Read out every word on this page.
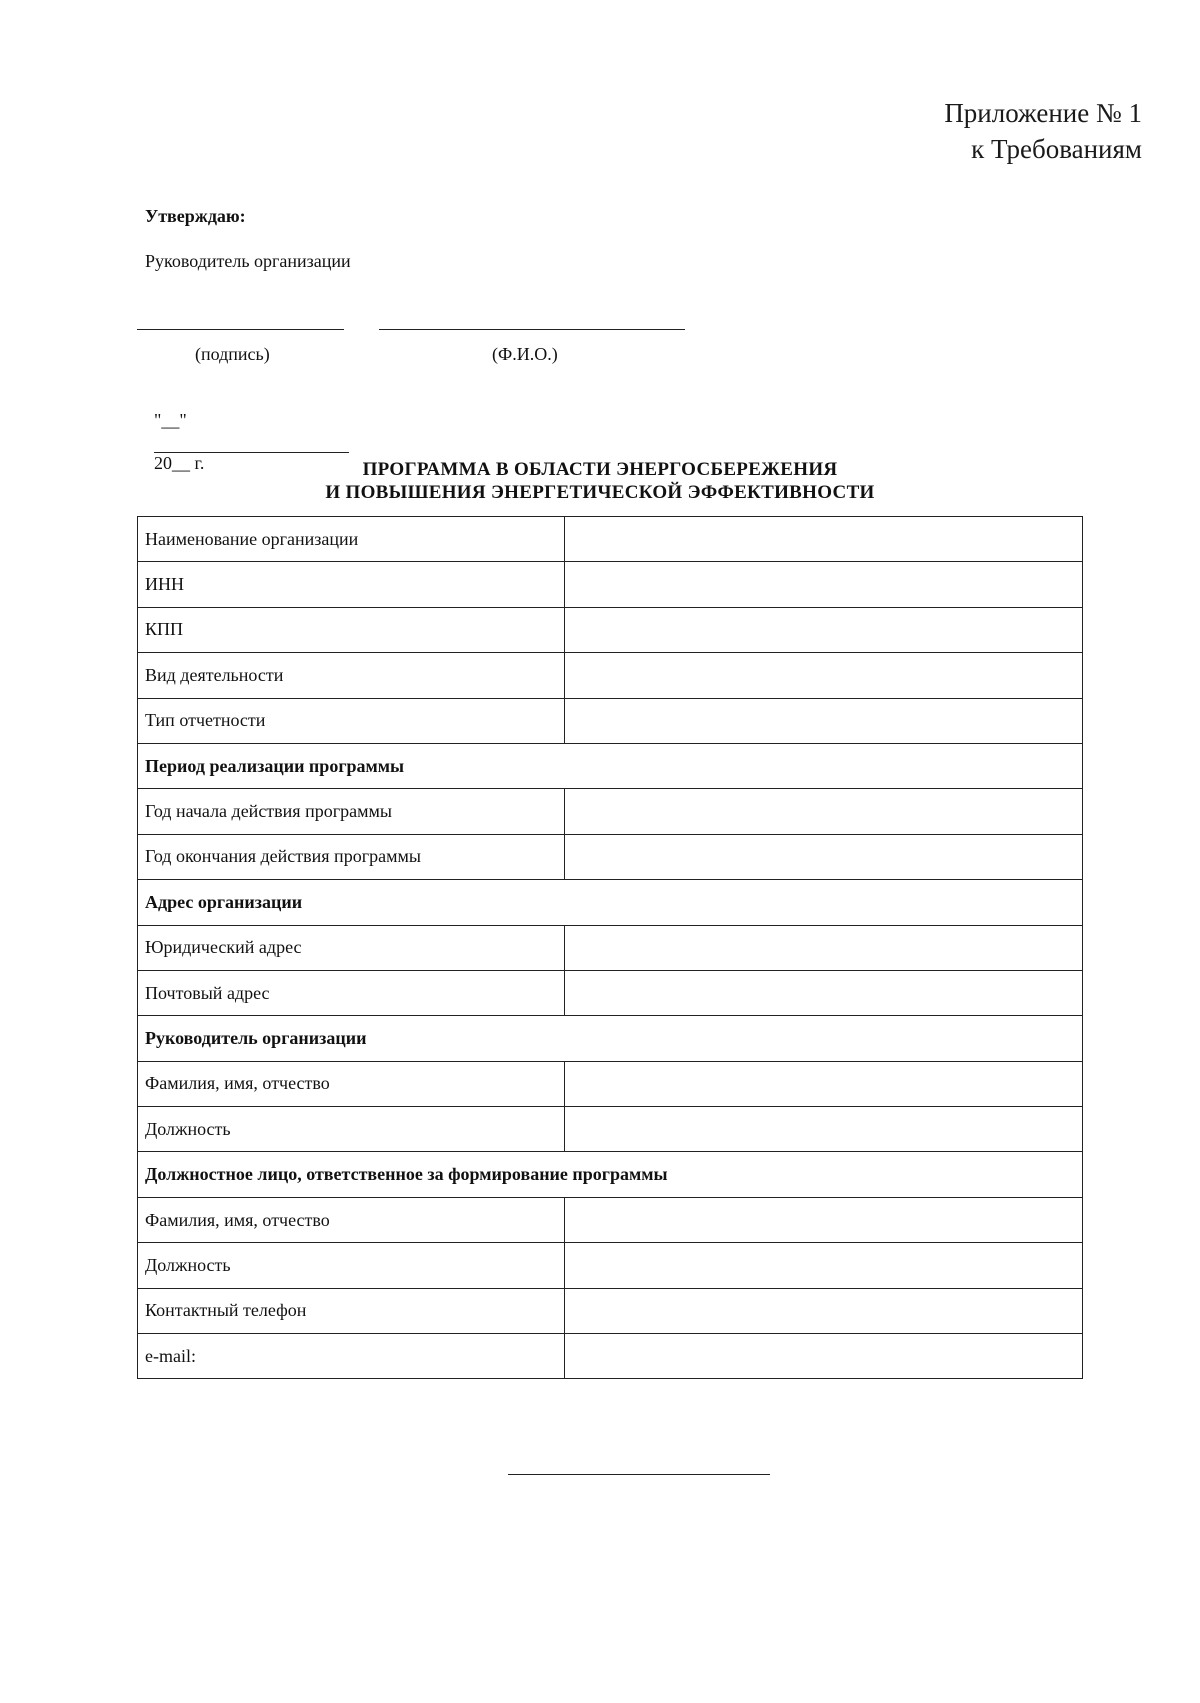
Приложение № 1
к Требованиям
Утверждаю:
Руководитель организации
(подпись)	(Ф.И.О.)

"__"

20__ г.	ПРОГРАММА В ОБЛАСТИ ЭНЕРГОСБЕРЕЖЕНИЯ
И ПОВЫШЕНИЯ ЭНЕРГЕТИЧЕСКОЙ ЭФФЕКТИВНОСТИ
Наименование организации	
ИНН	
КПП	
Вид деятельности	
Тип отчетности	
Период реализации программы	
Год начала действия программы	
Год окончания действия программы	
Адрес организации	
Юридический адрес	
Почтовый адрес	
Руководитель организации	
Фамилия, имя, отчество	
Должность	
Должностное лицо, ответственное за формирование программы	
Фамилия, имя, отчество	
Должность	
Контактный телефон	
e-mail:	
